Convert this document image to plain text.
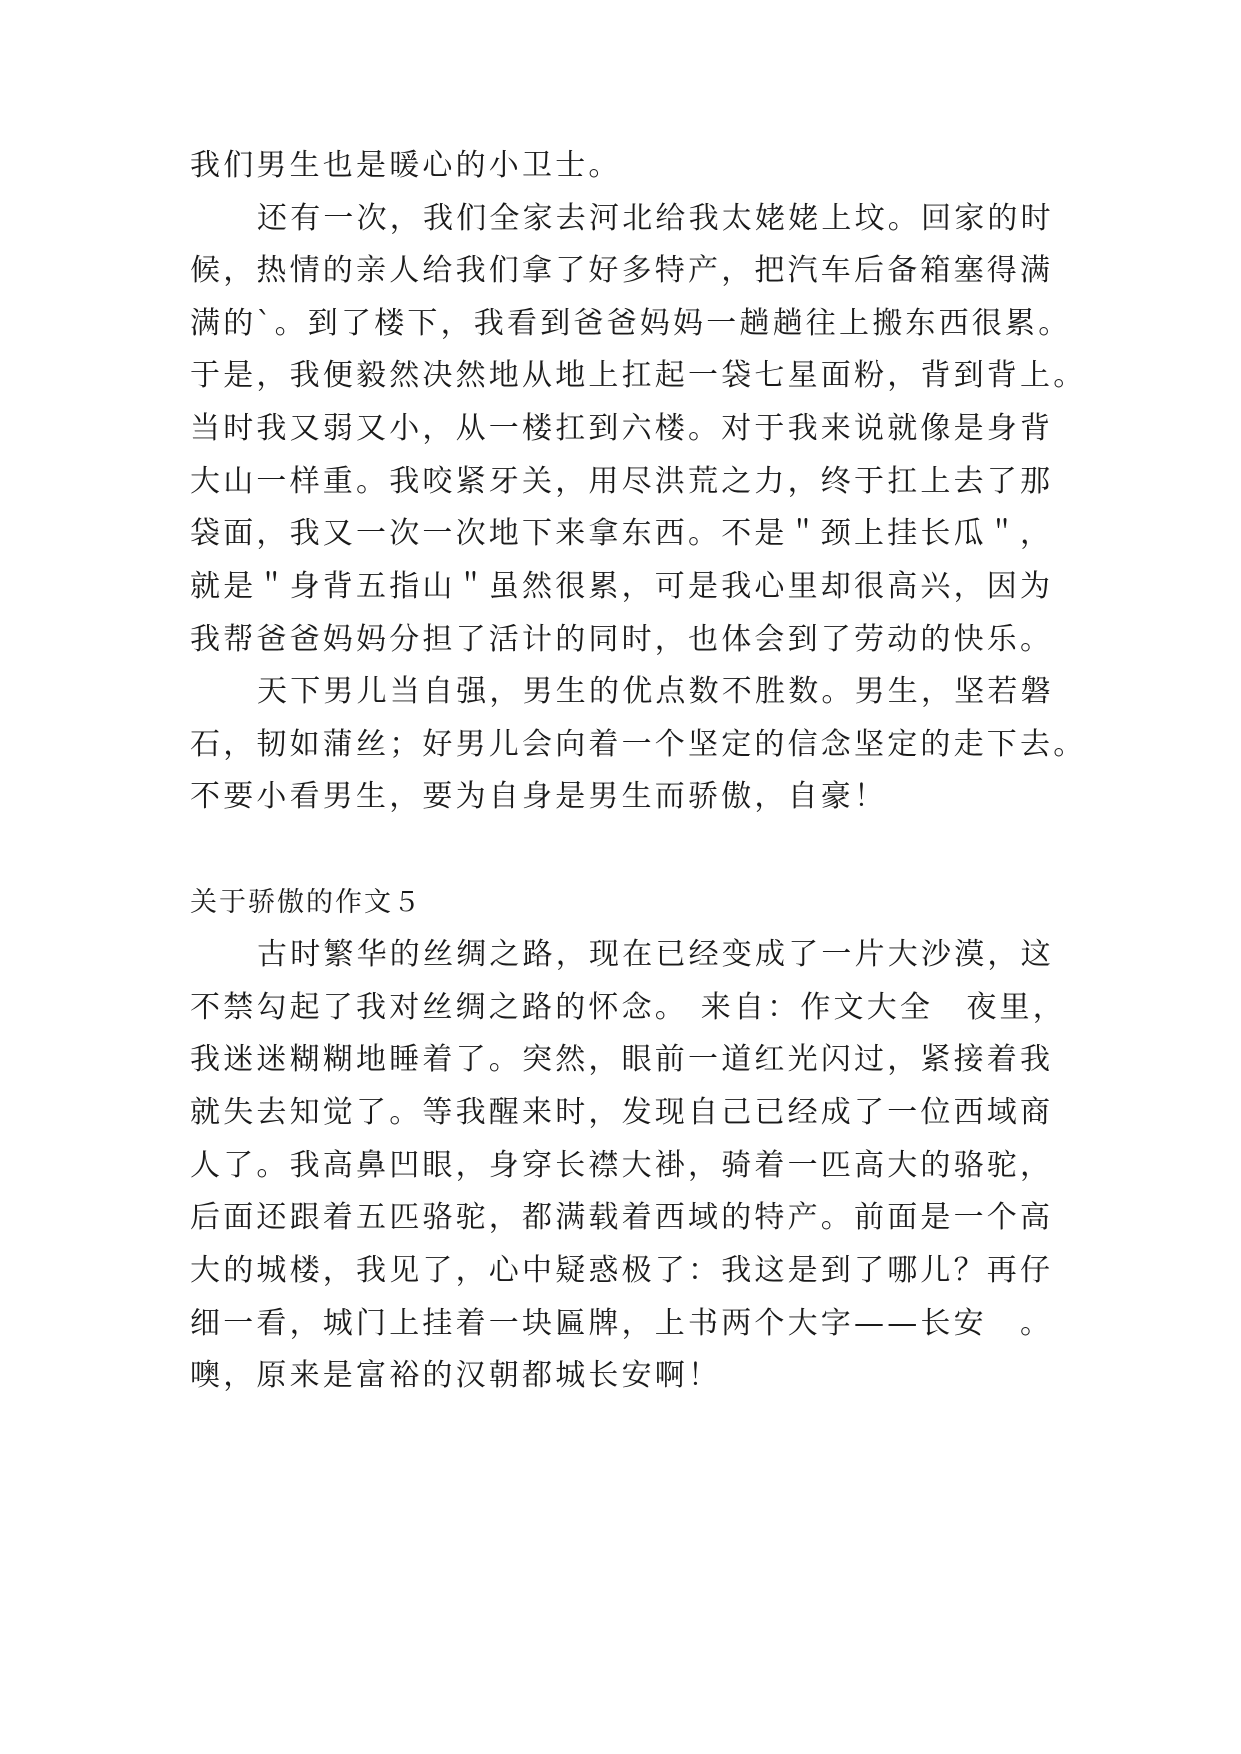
我们男生也是暖心的小卫士。
还有一次，我们全家去河北给我太姥姥上坟。回家的时
候，热情的亲人给我们拿了好多特产，把汽车后备箱塞得满
满的`。到了楼下，我看到爸爸妈妈一趟趟往上搬东西很累。
于是，我便毅然决然地从地上扛起一袋七星面粉，背到背上。
当时我又弱又小，从一楼扛到六楼。对于我来说就像是身背
大山一样重。我咬紧牙关，用尽洪荒之力，终于扛上去了那
袋面，我又一次一次地下来拿东西。不是＂颈上挂长瓜＂，
就是＂身背五指山＂虽然很累，可是我心里却很高兴，因为
我帮爸爸妈妈分担了活计的同时，也体会到了劳动的快乐。
天下男儿当自强，男生的优点数不胜数。男生，坚若磐
石，韧如蒲丝；好男儿会向着一个坚定的信念坚定的走下去。
不要小看男生，要为自身是男生而骄傲，自豪！
关于骄傲的作文５
古时繁华的丝绸之路，现在已经变成了一片大沙漠，这
不禁勾起了我对丝绸之路的怀念。 来自：作文大全　夜里，
我迷迷糊糊地睡着了。突然，眼前一道红光闪过，紧接着我
就失去知觉了。等我醒来时，发现自己已经成了一位西域商
人了。我高鼻凹眼，身穿长襟大褂，骑着一匹高大的骆驼，
后面还跟着五匹骆驼，都满载着西域的特产。前面是一个高
大的城楼，我见了，心中疑惑极了：我这是到了哪儿？再仔
细一看，城门上挂着一块匾牌，上书两个大字——长安　。
噢，原来是富裕的汉朝都城长安啊！
